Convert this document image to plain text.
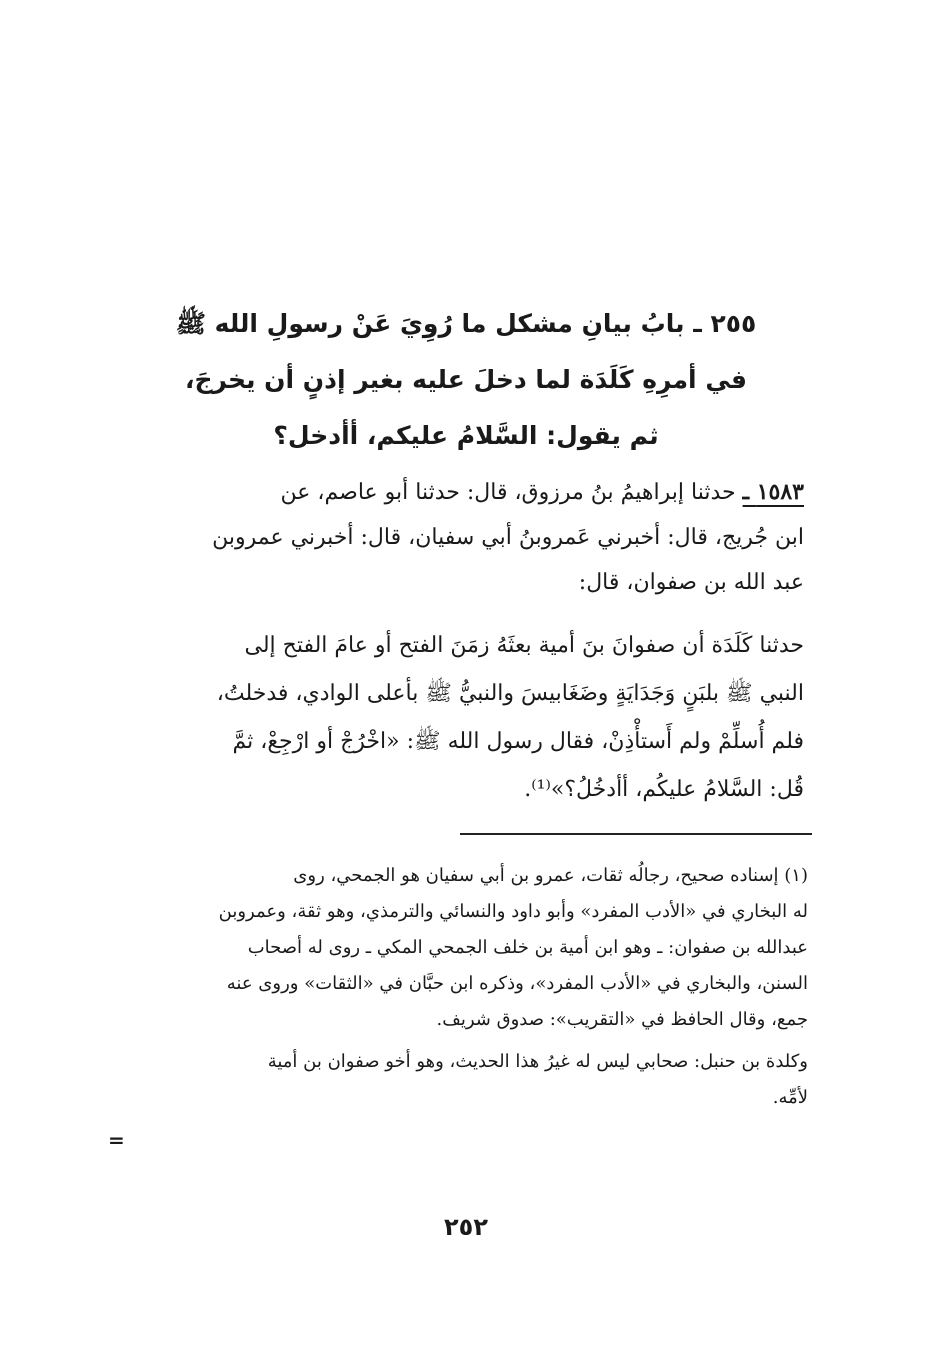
٢٥٥ ـ بابُ بيانِ مشكل ما رُوِيَ عَنْ رسولِ الله ﷺ
في أمرِهِ كَلَدَة لما دخلَ عليه بغير إذنٍ أن يخرجَ،
ثم يقول: السَّلامُ عليكم، أأدخل؟
١٥٨٣ ـ حدثنا إبراهيمُ بنُ مرزوق، قال: حدثنا أبو عاصم، عن
ابن جُريج، قال: أخبرني عَمروبنُ أبي سفيان، قال: أخبرني عمروبن
عبد الله بن صفوان، قال:
حدثنا كَلَدَة أن صفوانَ بنَ أمية بعثَهُ زمَنَ الفتح أو عامَ الفتح إلى
النبي ﷺ بلبَنٍ وَجَدَايَةٍ وضَغَابيسَ والنبيُّ ﷺ بأعلى الوادي، فدخلتُ،
فلم أُسلِّمْ ولم أَستأْذِنْ، فقال رسول الله ﷺ: «اخْرُجْ أو ارْجِعْ، ثمَّ
قُل: السَّلامُ عليكُم، أأدخُلُ؟»⁽¹⁾.
(١) إسناده صحيح، رجالُه ثقات، عمرو بن أبي سفيان هو الجمحي، روى
له البخاري في «الأدب المفرد» وأبو داود والنسائي والترمذي، وهو ثقة، وعمروبن
عبدالله بن صفوان: ـ وهو ابن أمية بن خلف الجمحي المكي ـ روى له أصحاب
السنن، والبخاري في «الأدب المفرد»، وذكره ابن حبَّان في «الثقات» وروى عنه
جمع، وقال الحافظ في «التقريب»: صدوق شريف.
وكلدة بن حنبل: صحابي ليس له غيرُ هذا الحديث، وهو أخو صفوان بن أمية
لأمِّه.
=
٢٥٢
